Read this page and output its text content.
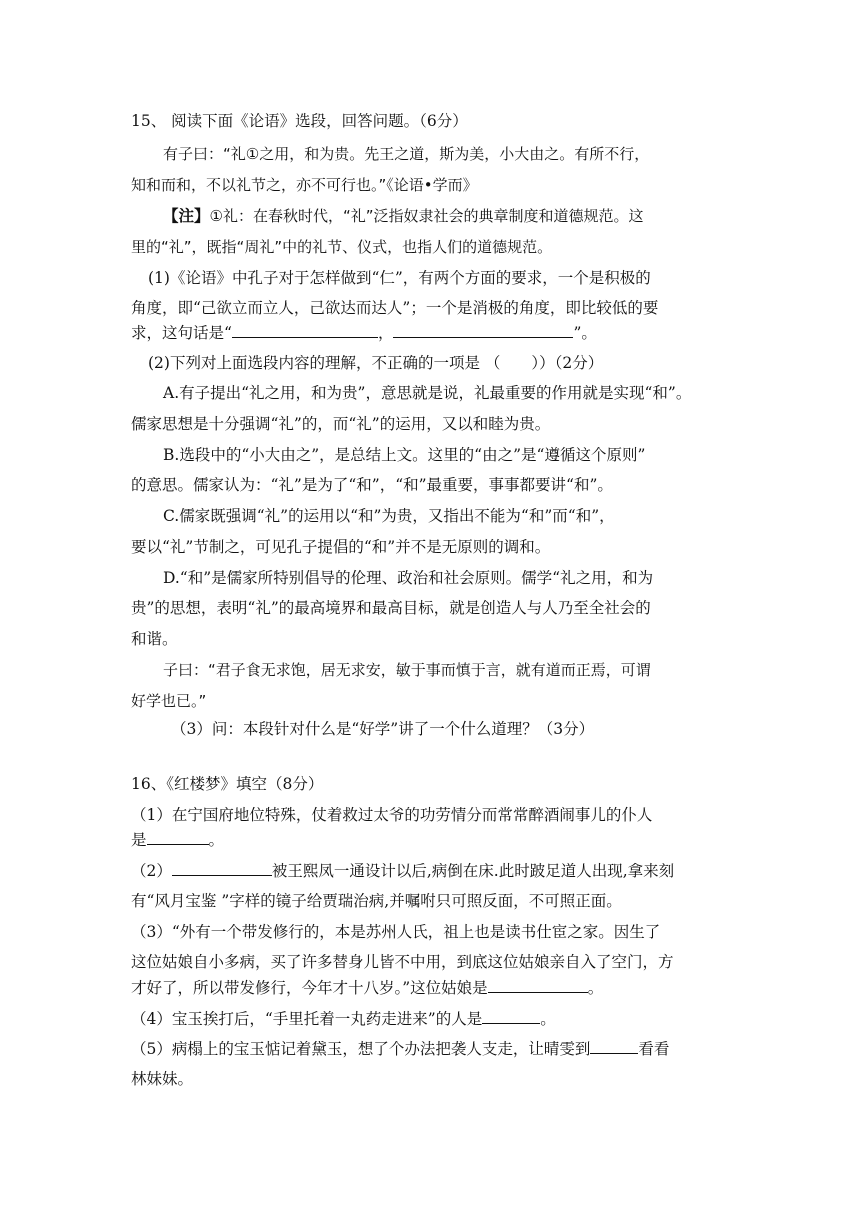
15、 阅读下面《论语》选段，回答问题。（6分）
有子曰：“礼①之用，和为贵。先王之道，斯为美，小大由之。有所不行，
知和而和，不以礼节之，亦不可行也。”《论语•学而》
【注】①礼：在春秋时代，“礼”泛指奴隶社会的典章制度和道德规范。这
里的“礼”，既指“周礼”中的礼节、仪式，也指人们的道德规范。
(1)《论语》中孔子对于怎样做到“仁”，有两个方面的要求，一个是积极的
角度，即“己欲立而立人，己欲达而达人”；一个是消极的角度，即比较低的要
求，这句话是“	，	”。
(2)下列对上面选段内容的理解，不正确的一项是 （　　））（2分）
A.有子提出“礼之用，和为贵”，意思就是说，礼最重要的作用就是实现“和”。
儒家思想是十分强调“礼”的，而“礼”的运用，又以和睦为贵。
B.选段中的“小大由之”，是总结上文。这里的“由之”是“遵循这个原则”
的意思。儒家认为：“礼”是为了“和”，“和”最重要，事事都要讲“和”。
C.儒家既强调“礼”的运用以“和”为贵，又指出不能为“和”而“和”，
要以“礼”节制之，可见孔子提倡的“和”并不是无原则的调和。
D.“和”是儒家所特别倡导的伦理、政治和社会原则。儒学“礼之用，和为
贵”的思想，表明“礼”的最高境界和最高目标，就是创造人与人乃至全社会的
和谐。
子曰：“君子食无求饱，居无求安，敏于事而慎于言，就有道而正焉，可谓
好学也已。”
（3）问：本段针对什么是“好学”讲了一个什么道理？（3分）
16、《红楼梦》填空（8分）
（1）在宁国府地位特殊，仗着救过太爷的功劳情分而常常醉酒闹事儿的仆人
是	。
（2）	被王熙凤一通设计以后,病倒在床.此时跛足道人出现,拿来刻
有“风月宝鉴 ”字样的镜子给贾瑞治病,并嘱咐只可照反面，不可照正面。
（3）“外有一个带发修行的，本是苏州人氏，祖上也是读书仕宦之家。因生了
这位姑娘自小多病，买了许多替身儿皆不中用，到底这位姑娘亲自入了空门，方
才好了，所以带发修行，今年才十八岁。”这位姑娘是	。
（4）宝玉挨打后，“手里托着一丸药走进来”的人是	。
（5）病榻上的宝玉惦记着黛玉，想了个办法把袭人支走，让晴雯到	看看
林妹妹。
